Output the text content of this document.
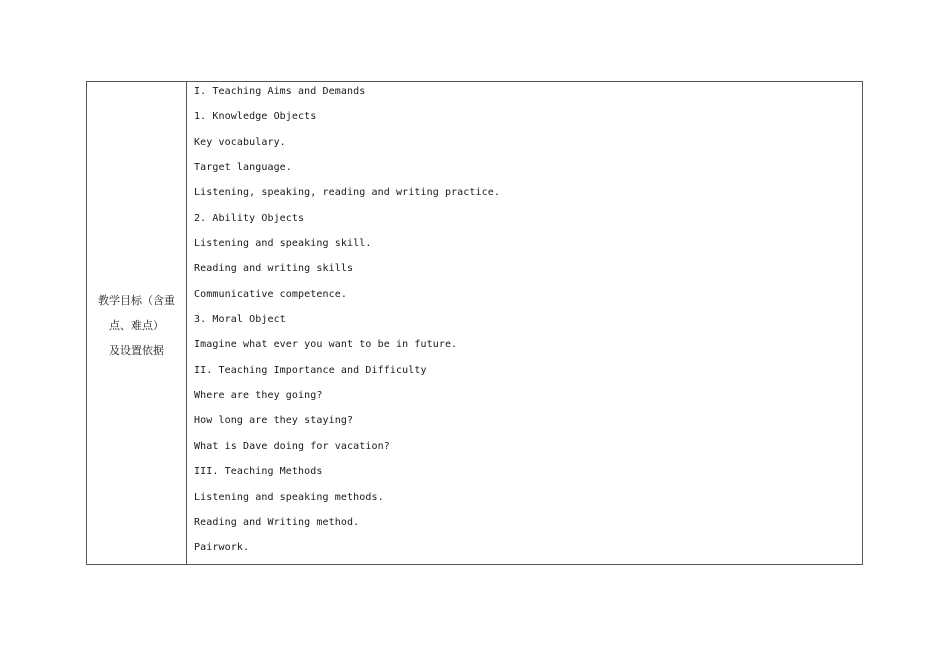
教学目标（含重
点、难点）
及设置依据
I. Teaching Aims and Demands
1. Knowledge Objects
Key vocabulary.
Target language.
Listening, speaking, reading and writing practice.
2. Ability Objects
Listening and speaking skill.
Reading and writing skills
Communicative competence.
3. Moral Object
Imagine what ever you want to be in future.
II. Teaching Importance and Difficulty
Where are they going?
How long are they staying?
What is Dave doing for vacation?
III. Teaching Methods
Listening and speaking methods.
Reading and Writing method.
Pairwork.
